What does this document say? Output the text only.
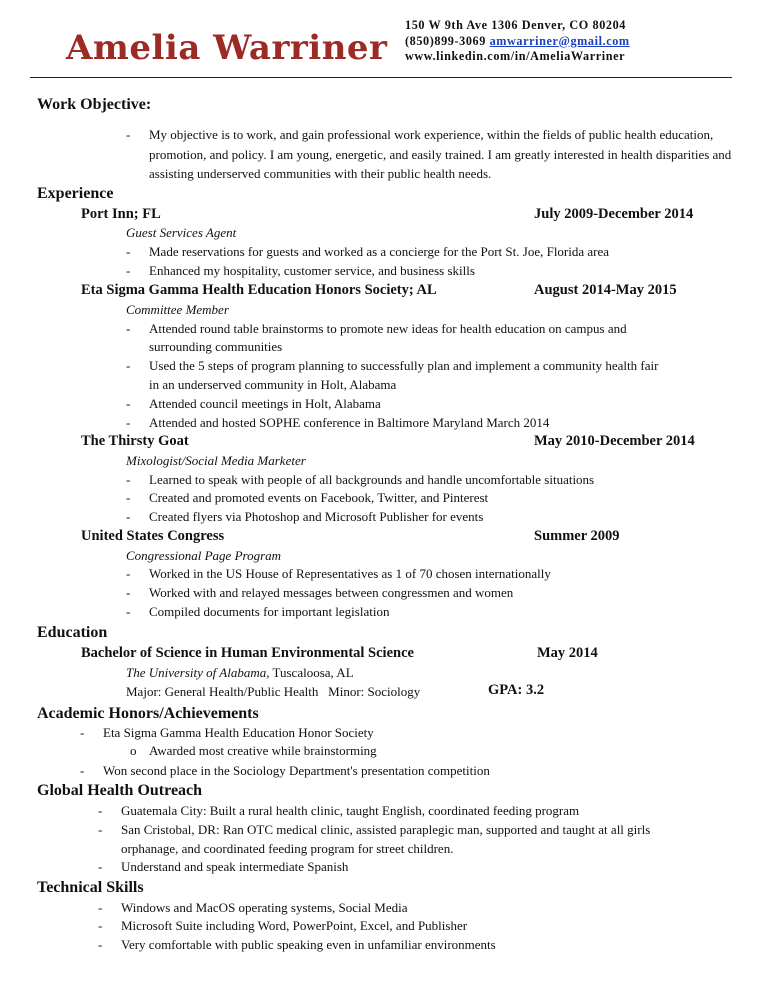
Amelia Warriner
150 W 9th Ave 1306 Denver, CO 80204
(850)899-3069 amwarriner@gmail.com
www.linkedin.com/in/AmeliaWarriner
Work Objective:
- My objective is to work, and gain professional work experience, within the fields of public health education, promotion, and policy. I am young, energetic, and easily trained. I am greatly interested in health disparities and assisting underserved communities with their public health needs.
Experience
Port Inn; FL	July 2009-December 2014
Guest Services Agent
- Made reservations for guests and worked as a concierge for the Port St. Joe, Florida area
- Enhanced my hospitality, customer service, and business skills
Eta Sigma Gamma Health Education Honors Society; AL	August 2014-May 2015
Committee Member
- Attended round table brainstorms to promote new ideas for health education on campus and
surrounding communities
- Used the 5 steps of program planning to successfully plan and implement a community health fair
in an underserved community in Holt, Alabama
- Attended council meetings in Holt, Alabama
- Attended and hosted SOPHE conference in Baltimore Maryland March 2014
The Thirsty Goat	May 2010-December 2014
Mixologist/Social Media Marketer
- Learned to speak with people of all backgrounds and handle uncomfortable situations
- Created and promoted events on Facebook, Twitter, and Pinterest
- Created flyers via Photoshop and Microsoft Publisher for events
United States Congress	Summer 2009
Congressional Page Program
- Worked in the US House of Representatives as 1 of 70 chosen internationally
- Worked with and relayed messages between congressmen and women
- Compiled documents for important legislation
Education
Bachelor of Science in Human Environmental Science	May 2014
The University of Alabama, Tuscaloosa, AL
Major: General Health/Public Health   Minor: Sociology	GPA: 3.2
Academic Honors/Achievements
- Eta Sigma Gamma Health Education Honor Society
o Awarded most creative while brainstorming
- Won second place in the Sociology Department's presentation competition
Global Health Outreach
- Guatemala City: Built a rural health clinic, taught English, coordinated feeding program
- San Cristobal, DR: Ran OTC medical clinic, assisted paraplegic man, supported and taught at all girls
orphanage, and coordinated feeding program for street children.
- Understand and speak intermediate Spanish
Technical Skills
- Windows and MacOS operating systems, Social Media
- Microsoft Suite including Word, PowerPoint, Excel, and Publisher
- Very comfortable with public speaking even in unfamiliar environments
